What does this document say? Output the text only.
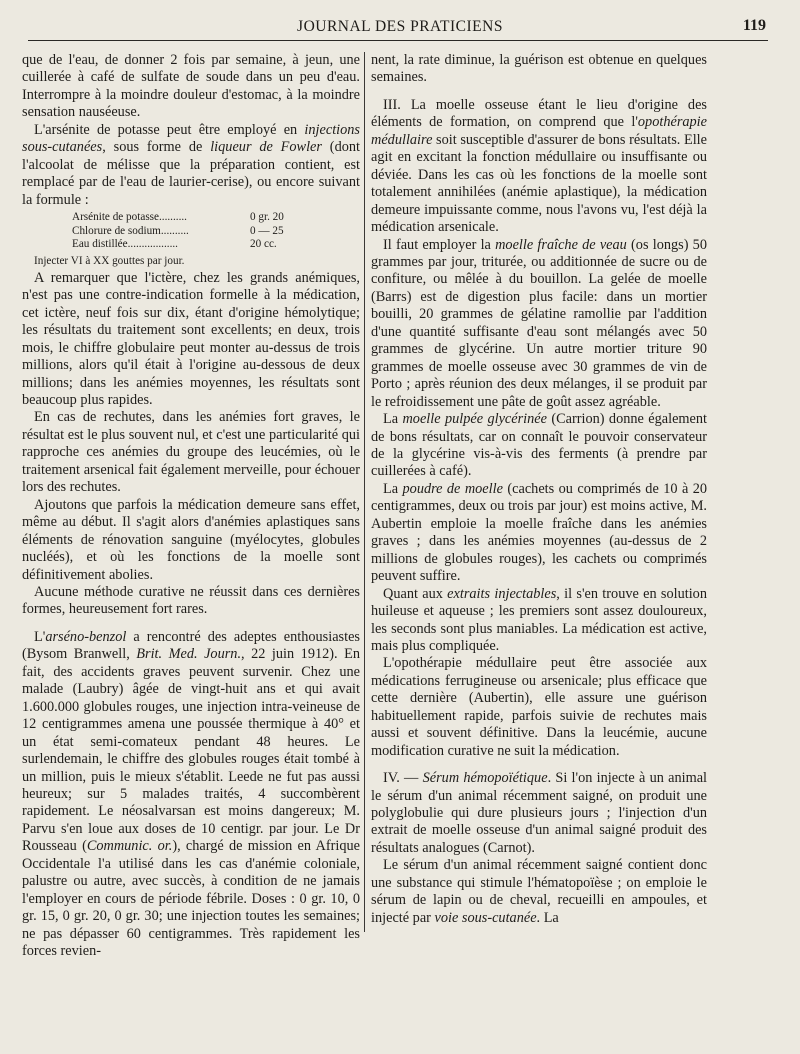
JOURNAL DES PRATICIENS	119

que de l'eau, de donner 2 fois par semaine, à jeun, une cuillerée à café de sulfate de soude dans un peu d'eau. Interrompre à la moindre douleur d'estomac, à la moindre sensation nauséeuse.

L'arsénite de potasse peut être employé en injections sous-cutanées, sous forme de liqueur de Fowler (dont l'alcoolat de mélisse que la préparation contient, est remplacé par de l'eau de laurier-cerise), ou encore suivant la formule :

Arsénite de potasse..........	0 gr. 20
Chlorure de sodium..........	0 — 25
Eau distillée..................	20 cc.
Injecter VI à XX gouttes par jour.

A remarquer que l'ictère, chez les grands anémiques, n'est pas une contre-indication formelle à la médication, cet ictère, neuf fois sur dix, étant d'origine hémolytique; les résultats du traitement sont excellents; en deux, trois mois, le chiffre globulaire peut monter au-dessus de trois millions, alors qu'il était à l'origine au-dessous de deux millions; dans les anémies moyennes, les résultats sont beaucoup plus rapides.

En cas de rechutes, dans les anémies fort graves, le résultat est le plus souvent nul, et c'est une particularité qui rapproche ces anémies du groupe des leucémies, où le traitement arsenical fait également merveille, pour échouer lors des rechutes.

Ajoutons que parfois la médication demeure sans effet, même au début. Il s'agit alors d'anémies aplastiques sans éléments de rénovation sanguine (myélocytes, globules nucléés), et où les fonctions de la moelle sont définitivement abolies.

Aucune méthode curative ne réussit dans ces dernières formes, heureusement fort rares.

L'arséno-benzol a rencontré des adeptes enthousiastes (Bysom Branwell, Brit. Med. Journ., 22 juin 1912). En fait, des accidents graves peuvent survenir. Chez une malade (Laubry) âgée de vingt-huit ans et qui avait 1.600.000 globules rouges, une injection intra-veineuse de 12 centigrammes amena une poussée thermique à 40° et un état semi-comateux pendant 48 heures. Le surlendemain, le chiffre des globules rouges était tombé à un million, puis le mieux s'établit. Leede ne fut pas aussi heureux; sur 5 malades traités, 4 succombèrent rapidement. Le néosalvarsan est moins dangereux; M. Parvu s'en loue aux doses de 10 centigr. par jour. Le Dr Rousseau (Communic. or.), chargé de mission en Afrique Occidentale l'a utilisé dans les cas d'anémie coloniale, palustre ou autre, avec succès, à condition de ne jamais l'employer en cours de période fébrile. Doses : 0 gr. 10, 0 gr. 15, 0 gr. 20, 0 gr. 30; une injection toutes les semaines; ne pas dépasser 60 centigrammes. Très rapidement les forces revien-

nent, la rate diminue, la guérison est obtenue en quelques semaines.

III. La moelle osseuse étant le lieu d'origine des éléments de formation, on comprend que l'opothérapie médullaire soit susceptible d'assurer de bons résultats. Elle agit en excitant la fonction médullaire ou insuffisante ou déviée. Dans les cas où les fonctions de la moelle sont totalement annihilées (anémie aplastique), la médication demeure impuissante comme, nous l'avons vu, l'est déjà la médication arsenicale.

Il faut employer la moelle fraîche de veau (os longs) 50 grammes par jour, triturée, ou additionnée de sucre ou de confiture, ou mêlée à du bouillon. La gelée de moelle (Barrs) est de digestion plus facile: dans un mortier bouilli, 20 grammes de gélatine ramollie par l'addition d'une quantité suffisante d'eau sont mélangés avec 50 grammes de glycérine. Un autre mortier triture 90 grammes de moelle osseuse avec 30 grammes de vin de Porto ; après réunion des deux mélanges, il se produit par le refroidissement une pâte de goût assez agréable.

La moelle pulpée glycérinée (Carrion) donne également de bons résultats, car on connaît le pouvoir conservateur de la glycérine vis-à-vis des ferments (à prendre par cuillerées à café).

La poudre de moelle (cachets ou comprimés de 10 à 20 centigrammes, deux ou trois par jour) est moins active, M. Aubertin emploie la moelle fraîche dans les anémies graves ; dans les anémies moyennes (au-dessus de 2 millions de globules rouges), les cachets ou comprimés peuvent suffire.

Quant aux extraits injectables, il s'en trouve en solution huileuse et aqueuse ; les premiers sont assez douloureux, les seconds sont plus maniables. La médication est active, mais plus compliquée.

L'opothérapie médullaire peut être associée aux médications ferrugineuse ou arsenicale; plus efficace que cette dernière (Aubertin), elle assure une guérison habituellement rapide, parfois suivie de rechutes mais aussi et souvent définitive. Dans la leucémie, aucune modification curative ne suit la médication.

IV. — Sérum hémopoïétique. Si l'on injecte à un animal le sérum d'un animal récemment saigné, on produit une polyglobulie qui dure plusieurs jours ; l'injection d'un extrait de moelle osseuse d'un animal saigné produit des résultats analogues (Carnot).

Le sérum d'un animal récemment saigné contient donc une substance qui stimule l'hématopoïèse ; on emploie le sérum de lapin ou de cheval, recueilli en ampoules, et injecté par voie sous-cutanée. La
